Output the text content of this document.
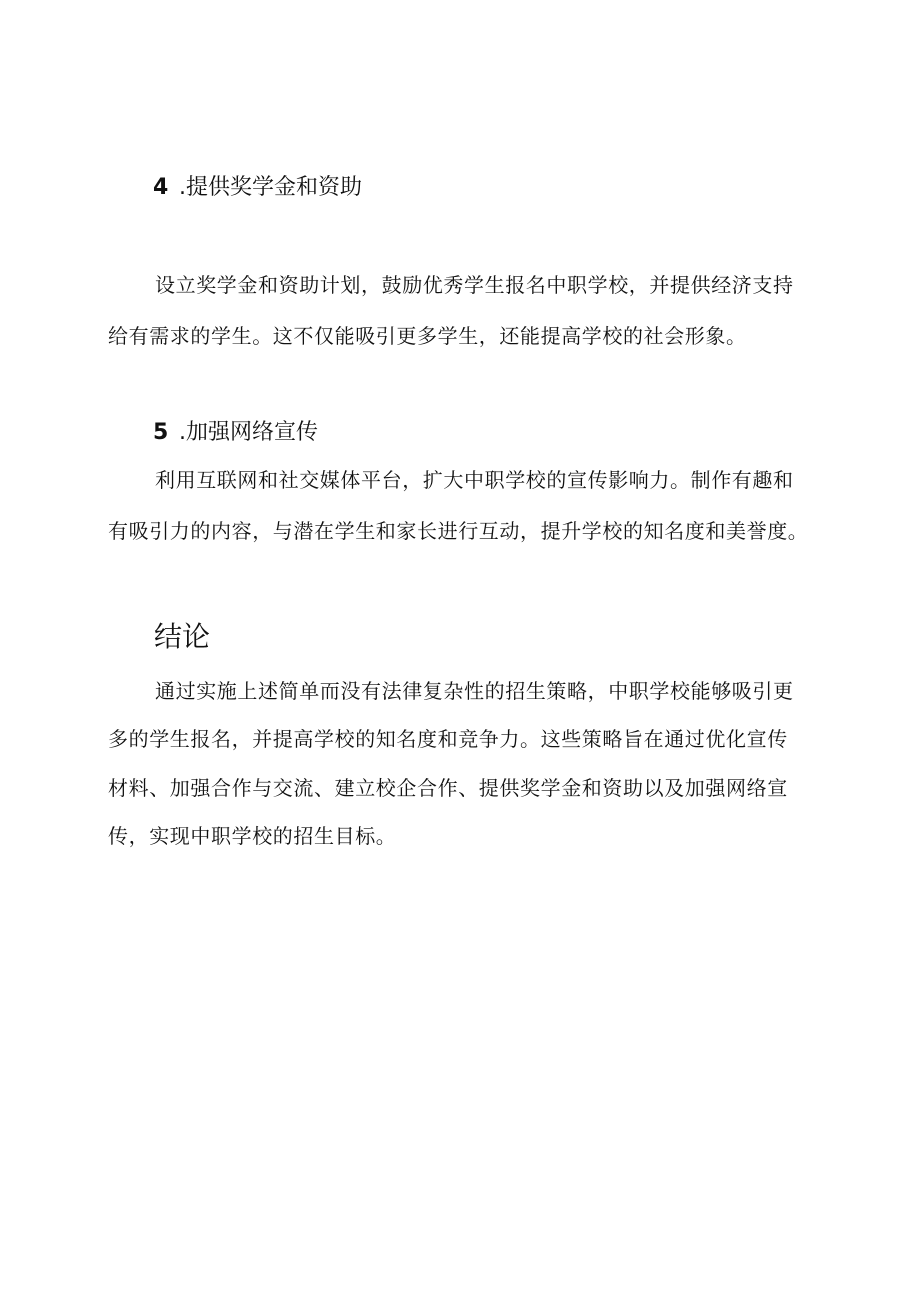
4 .提供奖学金和资助
设立奖学金和资助计划，鼓励优秀学生报名中职学校，并提供经济支持
给有需求的学生。这不仅能吸引更多学生，还能提高学校的社会形象。
5 .加强网络宣传
利用互联网和社交媒体平台，扩大中职学校的宣传影响力。制作有趣和
有吸引力的内容，与潜在学生和家长进行互动，提升学校的知名度和美誉度。
结论
通过实施上述简单而没有法律复杂性的招生策略，中职学校能够吸引更
多的学生报名，并提高学校的知名度和竞争力。这些策略旨在通过优化宣传
材料、加强合作与交流、建立校企合作、提供奖学金和资助以及加强网络宣
传，实现中职学校的招生目标。
